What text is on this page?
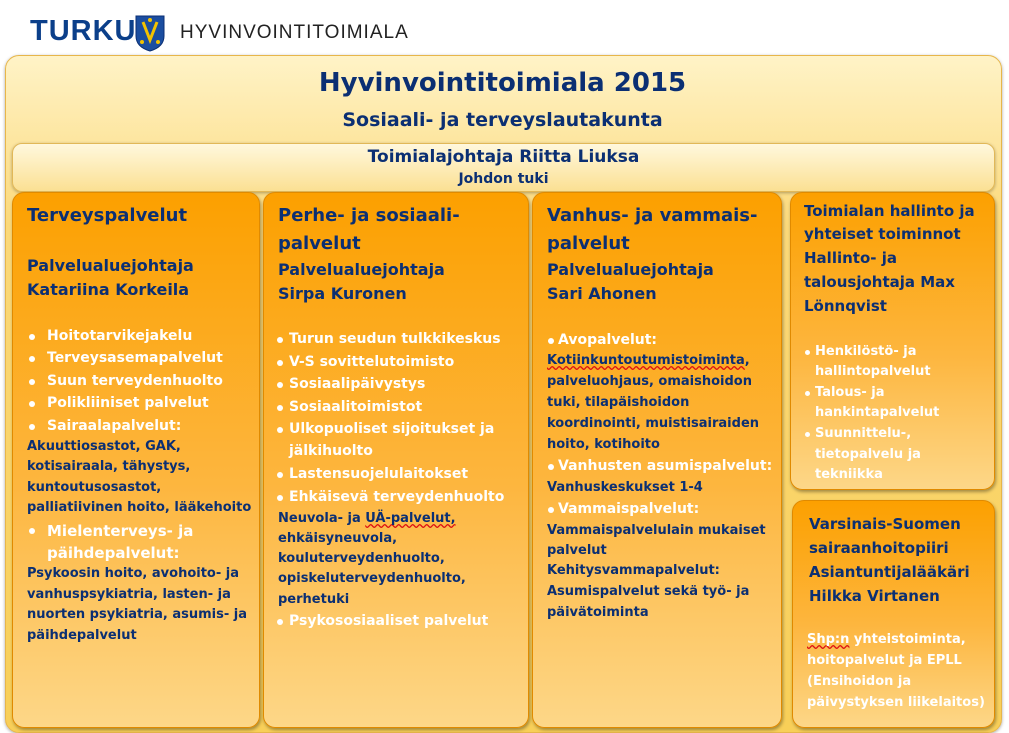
TURKU HYVINVOINTITOIMIALA
Hyvinvointitoimiala 2015
Sosiaali- ja terveyslautakunta
Toimialajohtaja Riitta Liuksa
Johdon tuki
Terveyspalvelut
Palvelualuejohtaja
Katariina Korkeila
Hoitotarvikejakelu
Terveysasemapalvelut
Suun terveydenhuolto
Polikliiniset palvelut
Sairaalapalvelut:
Akuuttiosastot, GAK,
kotisairaala, tähystys,
kuntoutusosastot,
palliatiivinen hoito, lääkehoito
Mielenterveys- ja
päihdepalvelut:
Psykoosin hoito, avohoito- ja
vanhuspsykiatria, lasten- ja
nuorten psykiatria, asumis- ja
päihdepalvelut
Perhe- ja sosiaali-
palvelut
Palvelualuejohtaja
Sirpa Kuronen
Turun seudun tulkkikeskus
V-S sovittelutoimisto
Sosiaalipäivystys
Sosiaalitoimistot
Ulkopuoliset sijoitukset ja
jälkihuolto
Lastensuojelulaitokset
Ehkäisevä terveydenhuolto
Neuvola- ja UÄ-palvelut,
ehkäisyneuvola,
kouluterveydenhuolto,
opiskeluterveydenhuolto,
perhetuki
Psykososiaaliset palvelut
Vanhus- ja vammais-
palvelut
Palvelualuejohtaja
Sari Ahonen
Avopalvelut:
Kotiinkuntoutumistoiminta,
palveluohjaus, omaishoidon
tuki, tilapäishoidon
koordinointi, muistisairaiden
hoito, kotihoito
Vanhusten asumispalvelut:
Vanhuskeskukset 1-4
Vammaispalvelut:
Vammaispalvelulain mukaiset
palvelut
Kehitysvammapalvelut:
Asumispalvelut sekä työ- ja
päivätoiminta
Toimialan hallinto ja
yhteiset toiminnot
Hallinto- ja
talousjohtaja Max
Lönnqvist
Henkilöstö- ja
hallintopalvelut
Talous- ja
hankintapalvelut
Suunnittelu-,
tietopalvelu ja
tekniikka
Varsinais-Suomen
sairaanhoitopiiri
Asiantuntijalääkäri
Hilkka Virtanen
Shp:n yhteistoiminta,
hoitopalvelut ja EPLL
(Ensihoidon ja
päivystyksen liikelaitos)
